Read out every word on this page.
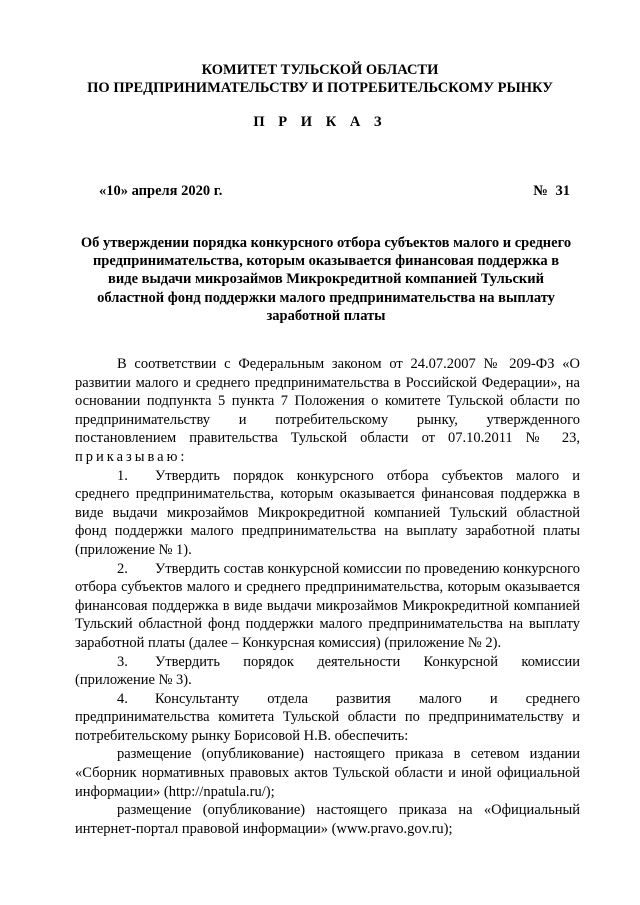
КОМИТЕТ ТУЛЬСКОЙ ОБЛАСТИ
ПО ПРЕДПРИНИМАТЕЛЬСТВУ И ПОТРЕБИТЕЛЬСКОМУ РЫНКУ
П Р И К А З
«10» апреля 2020 г.	№ 31
Об утверждении порядка конкурсного отбора субъектов малого и среднего
предпринимательства, которым оказывается финансовая поддержка в
виде выдачи микрозаймов Микрокредитной компанией Тульский
областной фонд поддержки малого предпринимательства на выплату
заработной платы

В соответствии с Федеральным законом от 24.07.2007 № 209-ФЗ «О развитии малого и среднего предпринимательства в Российской Федерации», на основании подпункта 5 пункта 7 Положения о комитете Тульской области по предпринимательству и потребительскому рынку, утвержденного постановлением правительства Тульской области от 07.10.2011 № 23, приказываю:

1. Утвердить порядок конкурсного отбора субъектов малого и среднего предпринимательства, которым оказывается финансовая поддержка в виде выдачи микрозаймов Микрокредитной компанией Тульский областной фонд поддержки малого предпринимательства на выплату заработной платы (приложение № 1).

2. Утвердить состав конкурсной комиссии по проведению конкурсного отбора субъектов малого и среднего предпринимательства, которым оказывается финансовая поддержка в виде выдачи микрозаймов Микрокредитной компанией Тульский областной фонд поддержки малого предпринимательства на выплату заработной платы (далее – Конкурсная комиссия) (приложение № 2).

3. Утвердить порядок деятельности Конкурсной комиссии (приложение № 3).

4. Консультанту отдела развития малого и среднего предпринимательства комитета Тульской области по предпринимательству и потребительскому рынку Борисовой Н.В. обеспечить:

размещение (опубликование) настоящего приказа в сетевом издании «Сборник нормативных правовых актов Тульской области и иной официальной информации» (http://npatula.ru/);

размещение (опубликование) настоящего приказа на «Официальный интернет-портал правовой информации» (www.pravo.gov.ru);
